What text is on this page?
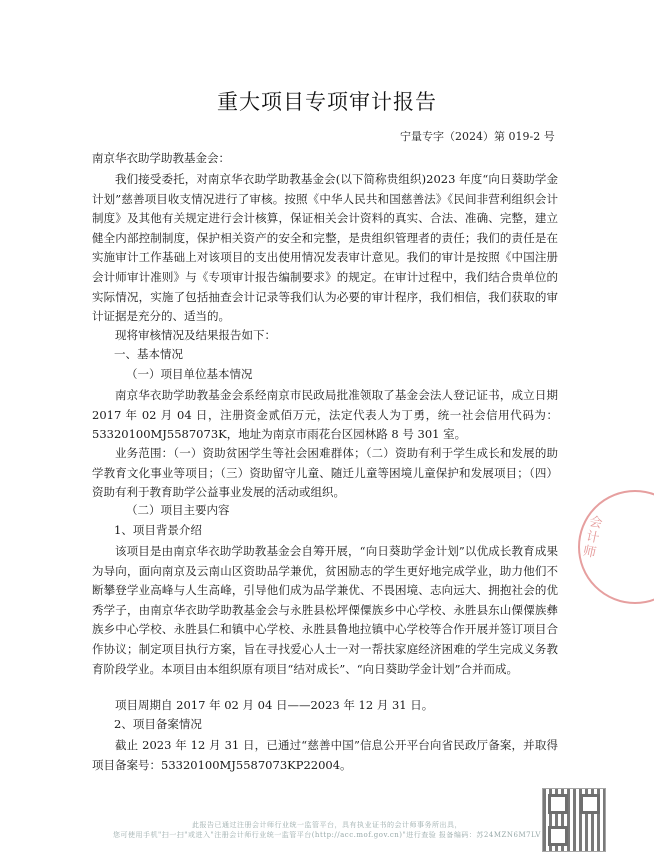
重大项目专项审计报告
宁量专字（2024）第 019-2 号
南京华衣助学助教基金会：
我们接受委托，对南京华衣助学助教基金会(以下简称贵组织)2023 年度“向日葵助学金计划”慈善项目收支情况进行了审核。按照《中华人民共和国慈善法》《民间非营利组织会计制度》及其他有关规定进行会计核算，保证相关会计资料的真实、合法、准确、完整，建立健全内部控制制度，保护相关资产的安全和完整，是贵组织管理者的责任；我们的责任是在实施审计工作基础上对该项目的支出使用情况发表审计意见。我们的审计是按照《中国注册会计师审计准则》与《专项审计报告编制要求》的规定。在审计过程中，我们结合贵单位的实际情况，实施了包括抽查会计记录等我们认为必要的审计程序，我们相信，我们获取的审计证据是充分的、适当的。
现将审核情况及结果报告如下：
一、基本情况
（一）项目单位基本情况
南京华衣助学助教基金会系经南京市民政局批准领取了基金会法人登记证书，成立日期 2017 年 02 月 04 日，注册资金贰佰万元，法定代表人为丁勇，统一社会信用代码为：53320100MJ5587073K，地址为南京市雨花台区园林路 8 号 301 室。
业务范围：（一）资助贫困学生等社会困难群体；（二）资助有利于学生成长和发展的助学教育文化事业等项目；（三）资助留守儿童、随迁儿童等困境儿童保护和发展项目；（四）资助有利于教育助学公益事业发展的活动或组织。
（二）项目主要内容
1、项目背景介绍
该项目是由南京华衣助学助教基金会自筹开展，“向日葵助学金计划”以优成长教育成果为导向，面向南京及云南山区资助品学兼优，贫困励志的学生更好地完成学业，助力他们不断攀登学业高峰与人生高峰，引导他们成为品学兼优、不畏困境、志向远大、拥抱社会的优秀学子，由南京华衣助学助教基金会与永胜县松坪傈僳族乡中心学校、永胜县东山傈僳族彝族乡中心学校、永胜县仁和镇中心学校、永胜县鲁地拉镇中心学校等合作开展并签订项目合作协议；制定项目执行方案，旨在寻找爱心人士一对一帮扶家庭经济困难的学生完成义务教育阶段学业。本项目由本组织原有项目“结对成长”、“向日葵助学金计划”合并而成。
项目周期自 2017 年 02 月 04 日——2023 年 12 月 31 日。
2、项目备案情况
截止 2023 年 12 月 31 日，已通过“慈善中国”信息公开平台向省民政厅备案，并取得项目备案号：53320100MJ5587073KP22004。
会计师
此报告已通过注册会计师行业统一监管平台，具有执业证书的会计师事务所出具，
您可使用手机"扫一扫"或进入"注册会计师行业统一监管平台(http://acc.mof.gov.cn)"进行查验 报备编码：苏24MZN6M7LV
